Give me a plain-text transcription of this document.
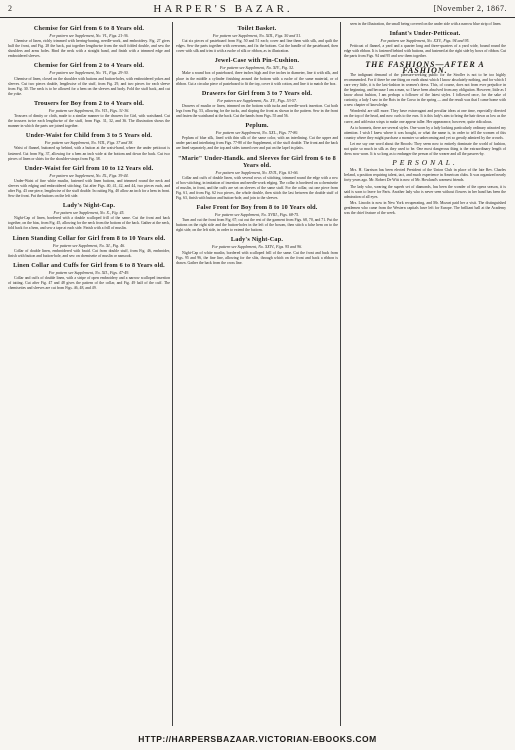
2	HARPER'S BAZAR.	[November 2, 1867.
Chemise for Girl from 6 to 8 Years old.
For pattern see Supplement, No. VI., Figs. 21-36.

Chemise of linen, richly trimmed with herring-boning, needle-work, and embroidery. Fig. 27 gives half the front, and Fig. 28 the back, put together lengthwise from the stuff folded double, and sew the shoulders and arms holes. Bind the neck with a straight band, and finish with a trimmed edge and embroidered sleeves.

Chemise for Girl from 2 to 4 Years old.
For pattern see Supplement, No. VI., Figs. 29-30.

Chemise of linen, closed on the shoulder with buttons and button-holes, with embroidered yokes and sleeves. Cut two pieces double, lengthwise of the stuff, from Fig. 29, and two pieces for each sleeve from Fig. 30. The neck is to be allowed for a hem on the sleeves and body. Fold the stuff back, and cut the yoke.

Trousers for Boy from 2 to 4 Years old.
For pattern see Supplement, No. VII., Figs. 31-36.

Trousers of dimity or cloth, made to a similar manner to the drawers for Girl, with waistband. Cut the trousers twice each lengthwise of the stuff, from Figs. 31, 32, and 36. The illustration shows the manner in which the parts are joined together.

Under-Waist for Child from 3 to 5 Years old.
For pattern see Supplement, No. VIII., Figs. 37 and 38.

Waist of flannel, buttoned up behind, with a button at the waist-band, where the under petticoat is fastened. Cut from Fig. 37, allowing for a hem an inch wide at the bottom and down the back. Cut two pieces of linen or shirts for the shoulder-straps from Fig. 38.

Under-Waist for Girl from 10 to 12 Years old.
For pattern see Supplement, No. IX., Figs. 39-44.

Under-Waist of fine white muslin, fastened with linen buttons, and trimmed round the neck and sleeves with edging and embroidered stitching. Cut after Figs. 40, 41, 42, and 44, two pieces each, and after Fig. 43 one piece, lengthwise of the stuff double. In cutting Fig. 40 allow an inch for a hem in front. Sew the front. Put the buttons on the left side.

Lady's Night-Cap.
For pattern see Supplement, No. X., Fig. 45.

Night-Cap of linen, bordered with a double scalloped frill of the same. Cut the front and back together, on the bias, from Fig. 45, allowing for the neck from the bottom of the back. Gather at the neck, fold back for a hem, and sew a tape at each side. Finish with a frill of muslin.

Linen Standing Collar for Girl from 8 to 10 Years old.
For pattern see Supplement, No. XI., Fig. 46.

Collar of double linen, embroidered with braid. Cut from double stuff, from Fig. 46, embroider, finish with button and button-hole, and sew on chemisette of muslin or nansook.

Linen Collar and Cuffs for Girl from 6 to 8 Years old.
For pattern see Supplement, No. XII., Figs. 47-49.

Collar and cuffs of double linen, with a stripe of open embroidery and a narrow scalloped insertion of tatting. Cut after Fig. 47 and 48 gives the pattern of the collar, and Fig. 49 half of the cuff. The chemisettes and sleeves are cut from Figs. 46, 48, and 49.

Toilet Basket.
For pattern see Supplement, No. XIII., Figs. 50 and 51.

Cut six pieces of pasteboard from Fig. 50 and 51 each; cover and line them with silk, and quilt the edges. Sew the parts together with overseam, and fix the bottom. Cut the handle of the pasteboard, then cover with silk and trim it with a ruche of silk or ribbon, as in illustration.

Jewel-Case with Pin-Cushion.
For pattern see Supplement, No. XIV., Fig. 52.

Make a round box of pasteboard, three inches high and five inches in diameter, line it with silk, and place in the middle a cylinder finishing around the bottom with a ruche of the same material, or of ribbon. Cut a circular piece of pasteboard to fit the top, cover it with cotton, and line it to match the box.

Drawers for Girl from 3 to 7 Years old.
For pattern see Supplement, No. XV., Figs. 53-57.

Drawers of muslin or linen, trimmed on the bottom with tucks and needle-work insertion. Cut both legs from Fig. 53, allowing for the tucks, and sloping the front as shown in the pattern. Sew in the front and fasten the waistband at the back. Cut the bands from Figs. 55 and 56.

Peplum.
For pattern see Supplement, No. XXL., Figs. 77-80.

Peplum of blue silk, lined with thin silk of the same color, with an interlining. Cut the upper and under part and interlining from Figs. 77-80 of the Supplement, of the stuff double. The front and the back are lined separately, and the top and sides turned over and put on the lapel in plaits.

"Marie" Under-Handk. and Sleeves for Girl from 6 to 8 Years old.
For pattern see Supplement, No. XVII., Figs. 61-66.

Collar and cuffs of double linen, with several rows of stitching, trimmed round the edge with a row of box-stitching, in imitation of insertion and needle-work edging. The collar is bordered on a chemisette of muslin, in front, and the cuffs are set on sleeves of the same stuff. For the collar, cut one piece from Fig. 61, and from Fig. 62 two pieces, the whole double, then stitch the last between the double stuff of Fig. 63, finish with button and button-hole, and join to the sleeves.

False Front for Boy from 8 to 10 Years old.
For pattern see Supplement, No. XVIII., Figs. 68-75.

Turn and cut the front from Fig. 67; cut out the rest of the garment from Figs. 68, 70, and 71. Put the buttons on the right side and the button-holes in the left of the bosom, then stitch a false hem on to the right side, on the left side, in order to extend the buttons.

Lady's Night-Cap.
For pattern see Supplement, No. XXIV., Figs. 95 and 96.

Night-Cap of white muslin, bordered with scalloped frill of the same. Cut the front and back from Figs. 95 and 96, the fine line, allowing for the slits, through which on the front and back a ribbon is drawn. Gather the back from the cross line.

seen in the illustration, the small being covered on the under side with a narrow blue strip of linen.

Infant's Under-Petticoat.
For pattern see Supplement, No. XXV., Figs. 94 and 95.

Petticoat of flannel, a yard and a quarter long and three-quarters of a yard wide, bound round the edge with ribbon. It is fastened behind with buttons, and fastened at the right side by bows of ribbon. Cut the parts from Figs. 94 and 95 and sew them together.

THE FASHIONS—AFTER A FASHION.

The indignant demand of the pleasure-seeking public for the Stroller is not to be too highly recommended. For if there be one thing on earth about which I know absolutely nothing, and for which I care very little, it is the last-fashion in women's dress. This, of course, does not from ever prejudice in the beginning, and because I am a man, so I have been absolved from any obligation. However, little as I know about fashion, I am perhaps a follower of the latest styles. I followed once, for the sake of curiosity, a lady I saw in the Bois in the Corso in the spring — and the result was that I came home with a new chapter of knowledge.

Wonderful are still more. They have extravagant and peculiar ideas at one time, especially directed on the top of the head, and now curls to the ears. It is this lady's aim to bring the hair down as low as the curve, and add extra wisps to make one appear taller. Her appearance, however, quite ridiculous.

As to bonnets, there are several styles. One worn by a lady looking particularly ordinary attracted my attention. I wish I knew where it was bought, or what the name is, in order to tell the women of this country where they might purchase a monster so unbecoming and yet so greatly admired by the crowds.

Let me say one word about the Broods: They seem now to entirely dominate the world of fashion, not quite so much in silk as they used to be. One most dangerous thing is the extraordinary length of dress now worn. It is so long as to endanger the person of the wearer and all the passers-by.

PERSONAL.

Mrs. H. Garrison has been elected President of the Union Club in place of the late Rev. Charles Ireland, a position requiring talent, tact, and much experience in American clubs. It was organized nearly forty years ago. Mr. Robert De Witt is now of Mr. Howland's warmest friends.

The lady who, wearing the superb set of diamonds, has been the wonder of the opera season, it is said is soon to leave for Paris. Another lady who is never seen without flowers in her hand has been the admiration of all eyes.

Mrs. Lincoln is now in New York recuperating, and Mr. Mozart paid her a visit. The distinguished gentlemen who came from the Western capitals have left for Europe. The brilliant ball at the Academy was the chief feature of the week.

HTTP://HARPERSBAZAAR.VICTORIAN-EBOOKS.COM
